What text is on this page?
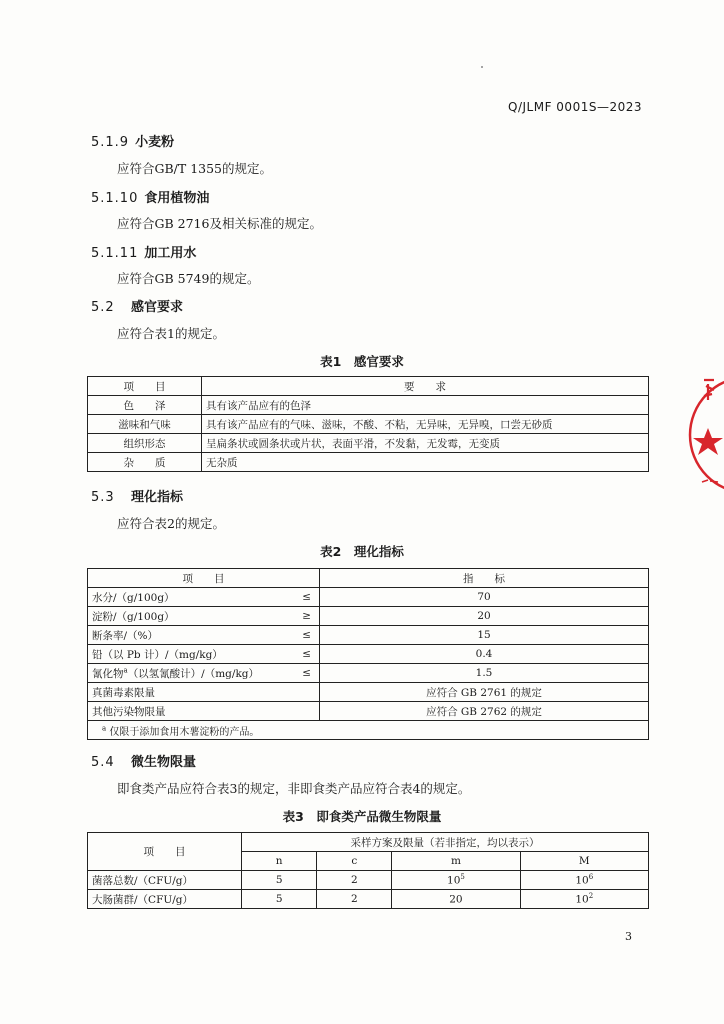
Q/JLMF 0001S—2023
5.1.9 小麦粉
应符合GB/T 1355的规定。
5.1.10 食用植物油
应符合GB 2716及相关标准的规定。
5.1.11 加工用水
应符合GB 5749的规定。
5.2 感官要求
应符合表1的规定。
表1　感官要求
项　　目	要　　求
色　　泽	具有该产品应有的色泽
滋味和气味	具有该产品应有的气味、滋味，不酸、不粘，无异味，无异嗅，口尝无砂质
组织形态	呈扁条状或圆条状或片状，表面平滑，不发黏，无发霉，无变质
杂　　质	无杂质
5.3 理化指标
应符合表2的规定。
表2　理化指标
项　　目		指　　标
水分/（g/100g）	≤	70
淀粉/（g/100g）	≥	20
断条率/（%）	≤	15
铅（以 Pb 计）/（mg/kg）	≤	0.4
氰化物$^a$（以氢氰酸计）/（mg/kg）	≤	1.5
真菌毒素限量		应符合 GB 2761 的规定
其他污染物限量		应符合 GB 2762 的规定
$^a$ 仅限于添加食用木薯淀粉的产品。		
5.4 微生物限量
即食类产品应符合表3的规定，非即食类产品应符合表4的规定。
表3　即食类产品微生物限量
项　　目	采样方案及限量（若非指定，均以表示）			
	n	c	m	M
菌落总数/（CFU/g）	5	2	$10^5$	$10^6$
大肠菌群/（CFU/g）	5	2	20	$10^2$
3
